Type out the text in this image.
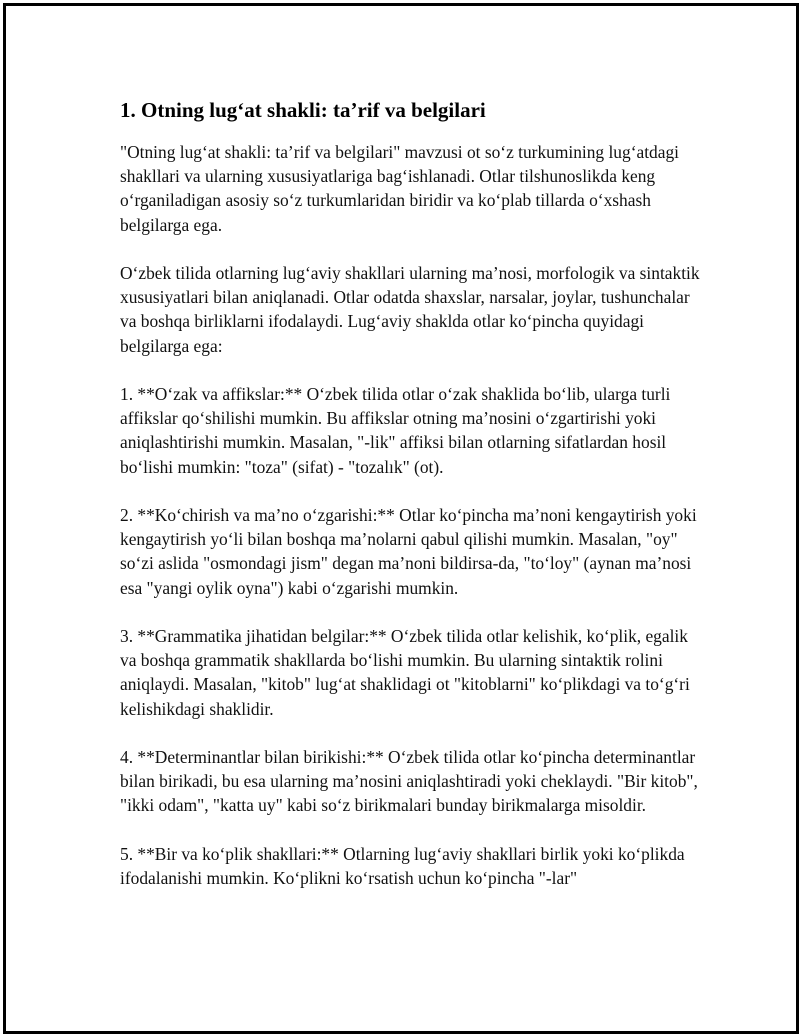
1. Otning lug‘at shakli: ta’rif va belgilari

"Otning lug‘at shakli: ta’rif va belgilari" mavzusi ot so‘z turkumining lug‘atdagi shakllari va ularning xususiyatlariga bag‘ishlanadi. Otlar tilshunoslikda keng o‘rganiladigan asosiy so‘z turkumlaridan biridir va ko‘plab tillarda o‘xshash belgilarga ega.

O‘zbek tilida otlarning lug‘aviy shakllari ularning ma’nosi, morfologik va sintaktik xususiyatlari bilan aniqlanadi. Otlar odatda shaxslar, narsalar, joylar, tushunchalar va boshqa birliklarni ifodalaydi. Lug‘aviy shaklda otlar ko‘pincha quyidagi belgilarga ega:

1. **O‘zak va affikslar:** O‘zbek tilida otlar o‘zak shaklida bo‘lib, ularga turli affikslar qo‘shilishi mumkin. Bu affikslar otning ma’nosini o‘zgartirishi yoki aniqlashtirishi mumkin. Masalan, "-lik" affiksi bilan otlarning sifatlardan hosil bo‘lishi mumkin: "toza" (sifat) - "tozalık" (ot).

2. **Ko‘chirish va ma’no o‘zgarishi:** Otlar ko‘pincha ma’noni kengaytirish yoki kengaytirish yo‘li bilan boshqa ma’nolarni qabul qilishi mumkin. Masalan, "oy" so‘zi aslida "osmondagi jism" degan ma’noni bildirsa-da, "to‘loy" (aynan ma’nosi esa "yangi oylik oyna") kabi o‘zgarishi mumkin.

3. **Grammatika jihatidan belgilar:** O‘zbek tilida otlar kelishik, ko‘plik, egalik va boshqa grammatik shakllarda bo‘lishi mumkin. Bu ularning sintaktik rolini aniqlaydi. Masalan, "kitob" lug‘at shaklidagi ot "kitoblarni" ko‘plikdagi va to‘g‘ri kelishikdagi shaklidir.

4. **Determinantlar bilan birikishi:** O‘zbek tilida otlar ko‘pincha determinantlar bilan birikadi, bu esa ularning ma’nosini aniqlashtiradi yoki cheklaydi. "Bir kitob", "ikki odam", "katta uy" kabi so‘z birikmalari bunday birikmalarga misoldir.

5. **Bir va ko‘plik shakllari:** Otlarning lug‘aviy shakllari birlik yoki ko‘plikda ifodalanishi mumkin. Ko‘plikni ko‘rsatish uchun ko‘pincha "-lar"
